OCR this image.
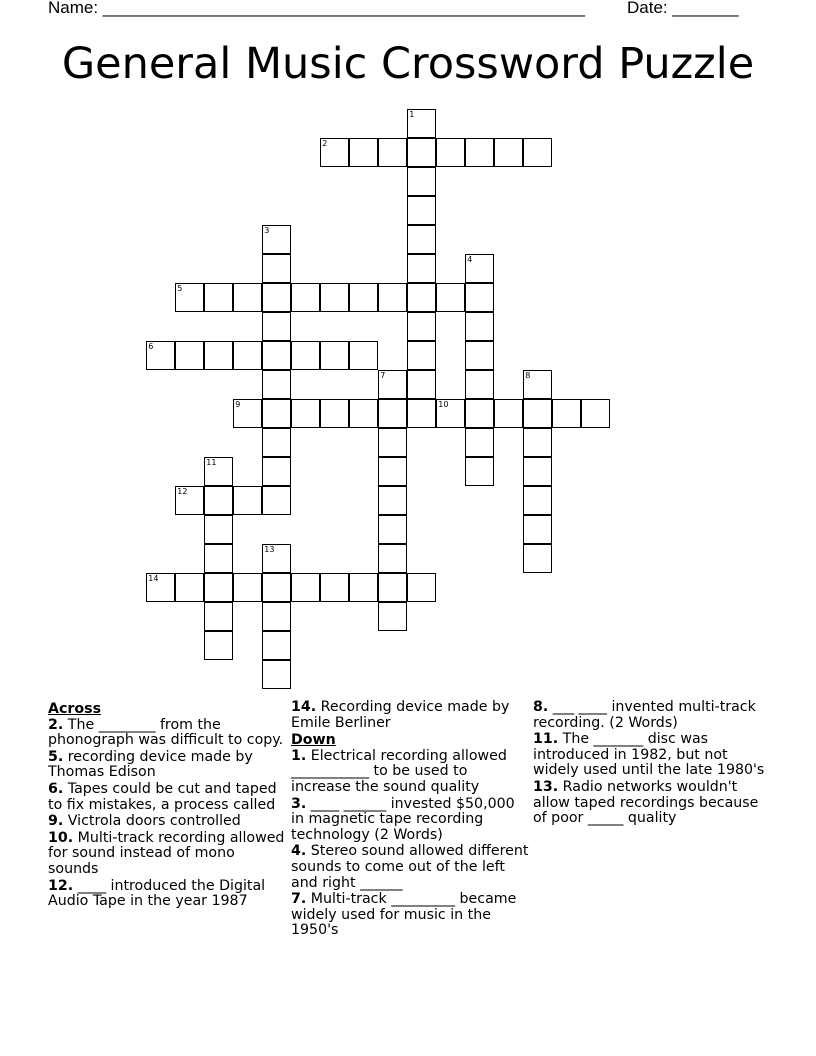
Name: ___________________________________________________ Date: _______
General Music Crossword Puzzle
1
2
3
4
5
6
7	8
9	10
11
12
13
14
Across
2. The ________ from the phonograph was difficult to copy.
5. recording device made by Thomas Edison
6. Tapes could be cut and taped to fix mistakes, a process called
9. Victrola doors controlled
10. Multi-track recording allowed for sound instead of mono sounds
12. ____ introduced the Digital Audio Tape in the year 1987
14. Recording device made by Emile Berliner
Down
1. Electrical recording allowed ___________ to be used to increase the sound quality
3. ____ ______ invested $50,000 in magnetic tape recording technology (2 Words)
4. Stereo sound allowed different sounds to come out of the left and right ______
7. Multi-track _________ became widely used for music in the 1950's
8. ___ ____ invented multi-track recording. (2 Words)
11. The _______ disc was introduced in 1982, but not widely used until the late 1980's
13. Radio networks wouldn't allow taped recordings because of poor _____ quality
